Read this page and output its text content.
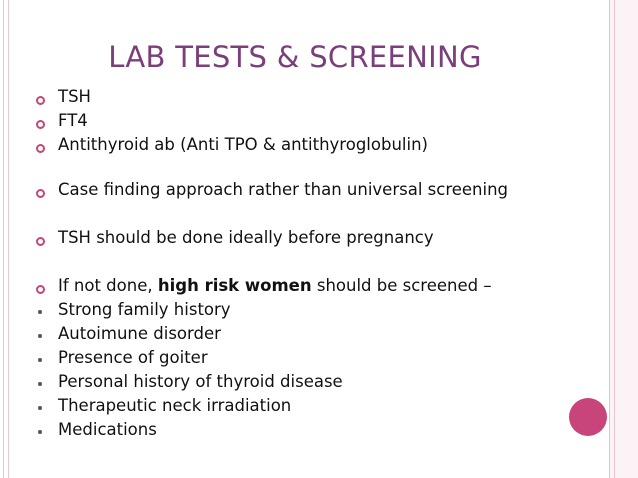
LAB TESTS & SCREENING
TSH
FT4
Antithyroid ab (Anti TPO & antithyroglobulin)
Case finding approach rather than universal screening
TSH should be done ideally before pregnancy
If not done, high risk women should be screened –
Strong family history
Autoimune disorder
Presence of goiter
Personal history of thyroid disease
Therapeutic neck irradiation
Medications
